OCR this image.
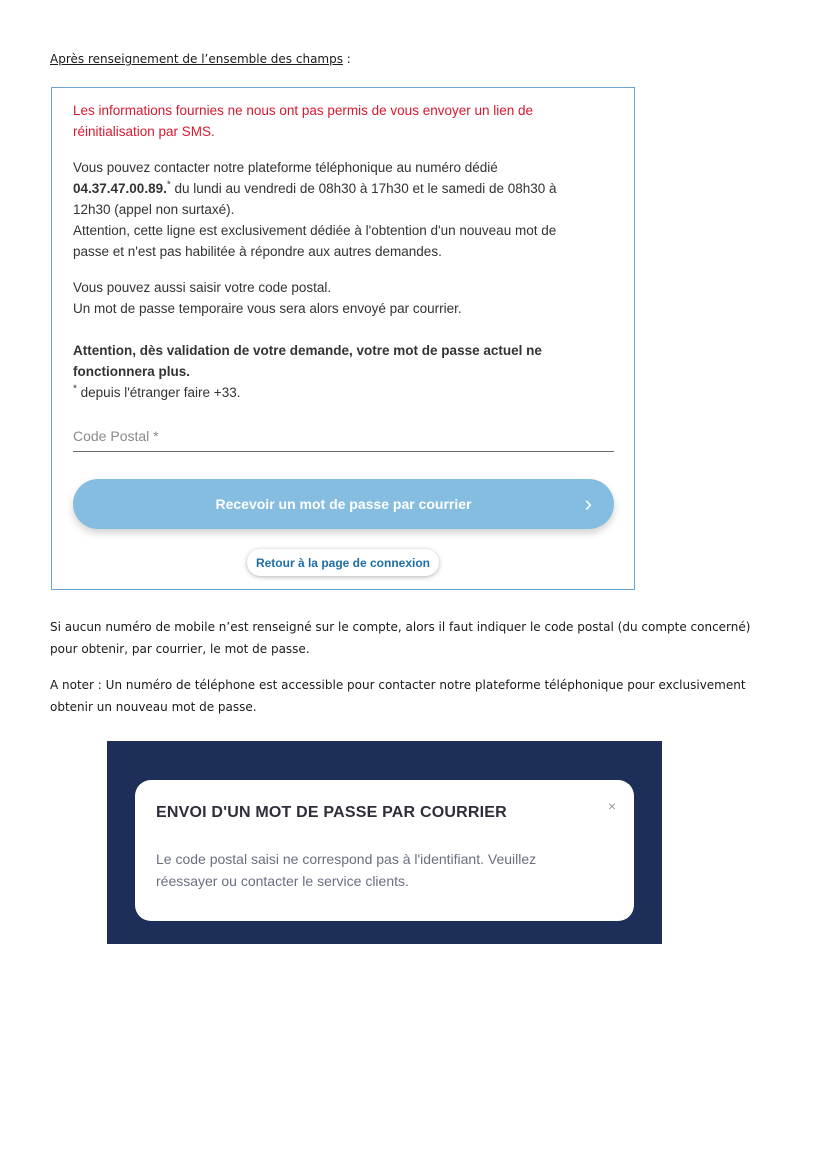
Après renseignement de l’ensemble des champs :

Les informations fournies ne nous ont pas permis de vous envoyer un lien de réinitialisation par SMS.

Vous pouvez contacter notre plateforme téléphonique au numéro dédié
04.37.47.00.89.* du lundi au vendredi de 08h30 à 17h30 et le samedi de 08h30 à 12h30 (appel non surtaxé).
Attention, cette ligne est exclusivement dédiée à l'obtention d'un nouveau mot de passe et n'est pas habilitée à répondre aux autres demandes.

Vous pouvez aussi saisir votre code postal.
Un mot de passe temporaire vous sera alors envoyé par courrier.

Attention, dès validation de votre demande, votre mot de passe actuel ne fonctionnera plus.
* depuis l'étranger faire +33.

Code Postal *
Recevoir un mot de passe par courrier	›
Retour à la page de connexion

Si aucun numéro de mobile n’est renseigné sur le compte, alors il faut indiquer le code postal (du compte concerné) pour obtenir, par courrier, le mot de passe.

A noter : Un numéro de téléphone est accessible pour contacter notre plateforme téléphonique pour exclusivement obtenir un nouveau mot de passe.

ENVOI D'UN MOT DE PASSE PAR COURRIER	×
Le code postal saisi ne correspond pas à l'identifiant. Veuillez réessayer ou contacter le service clients.
